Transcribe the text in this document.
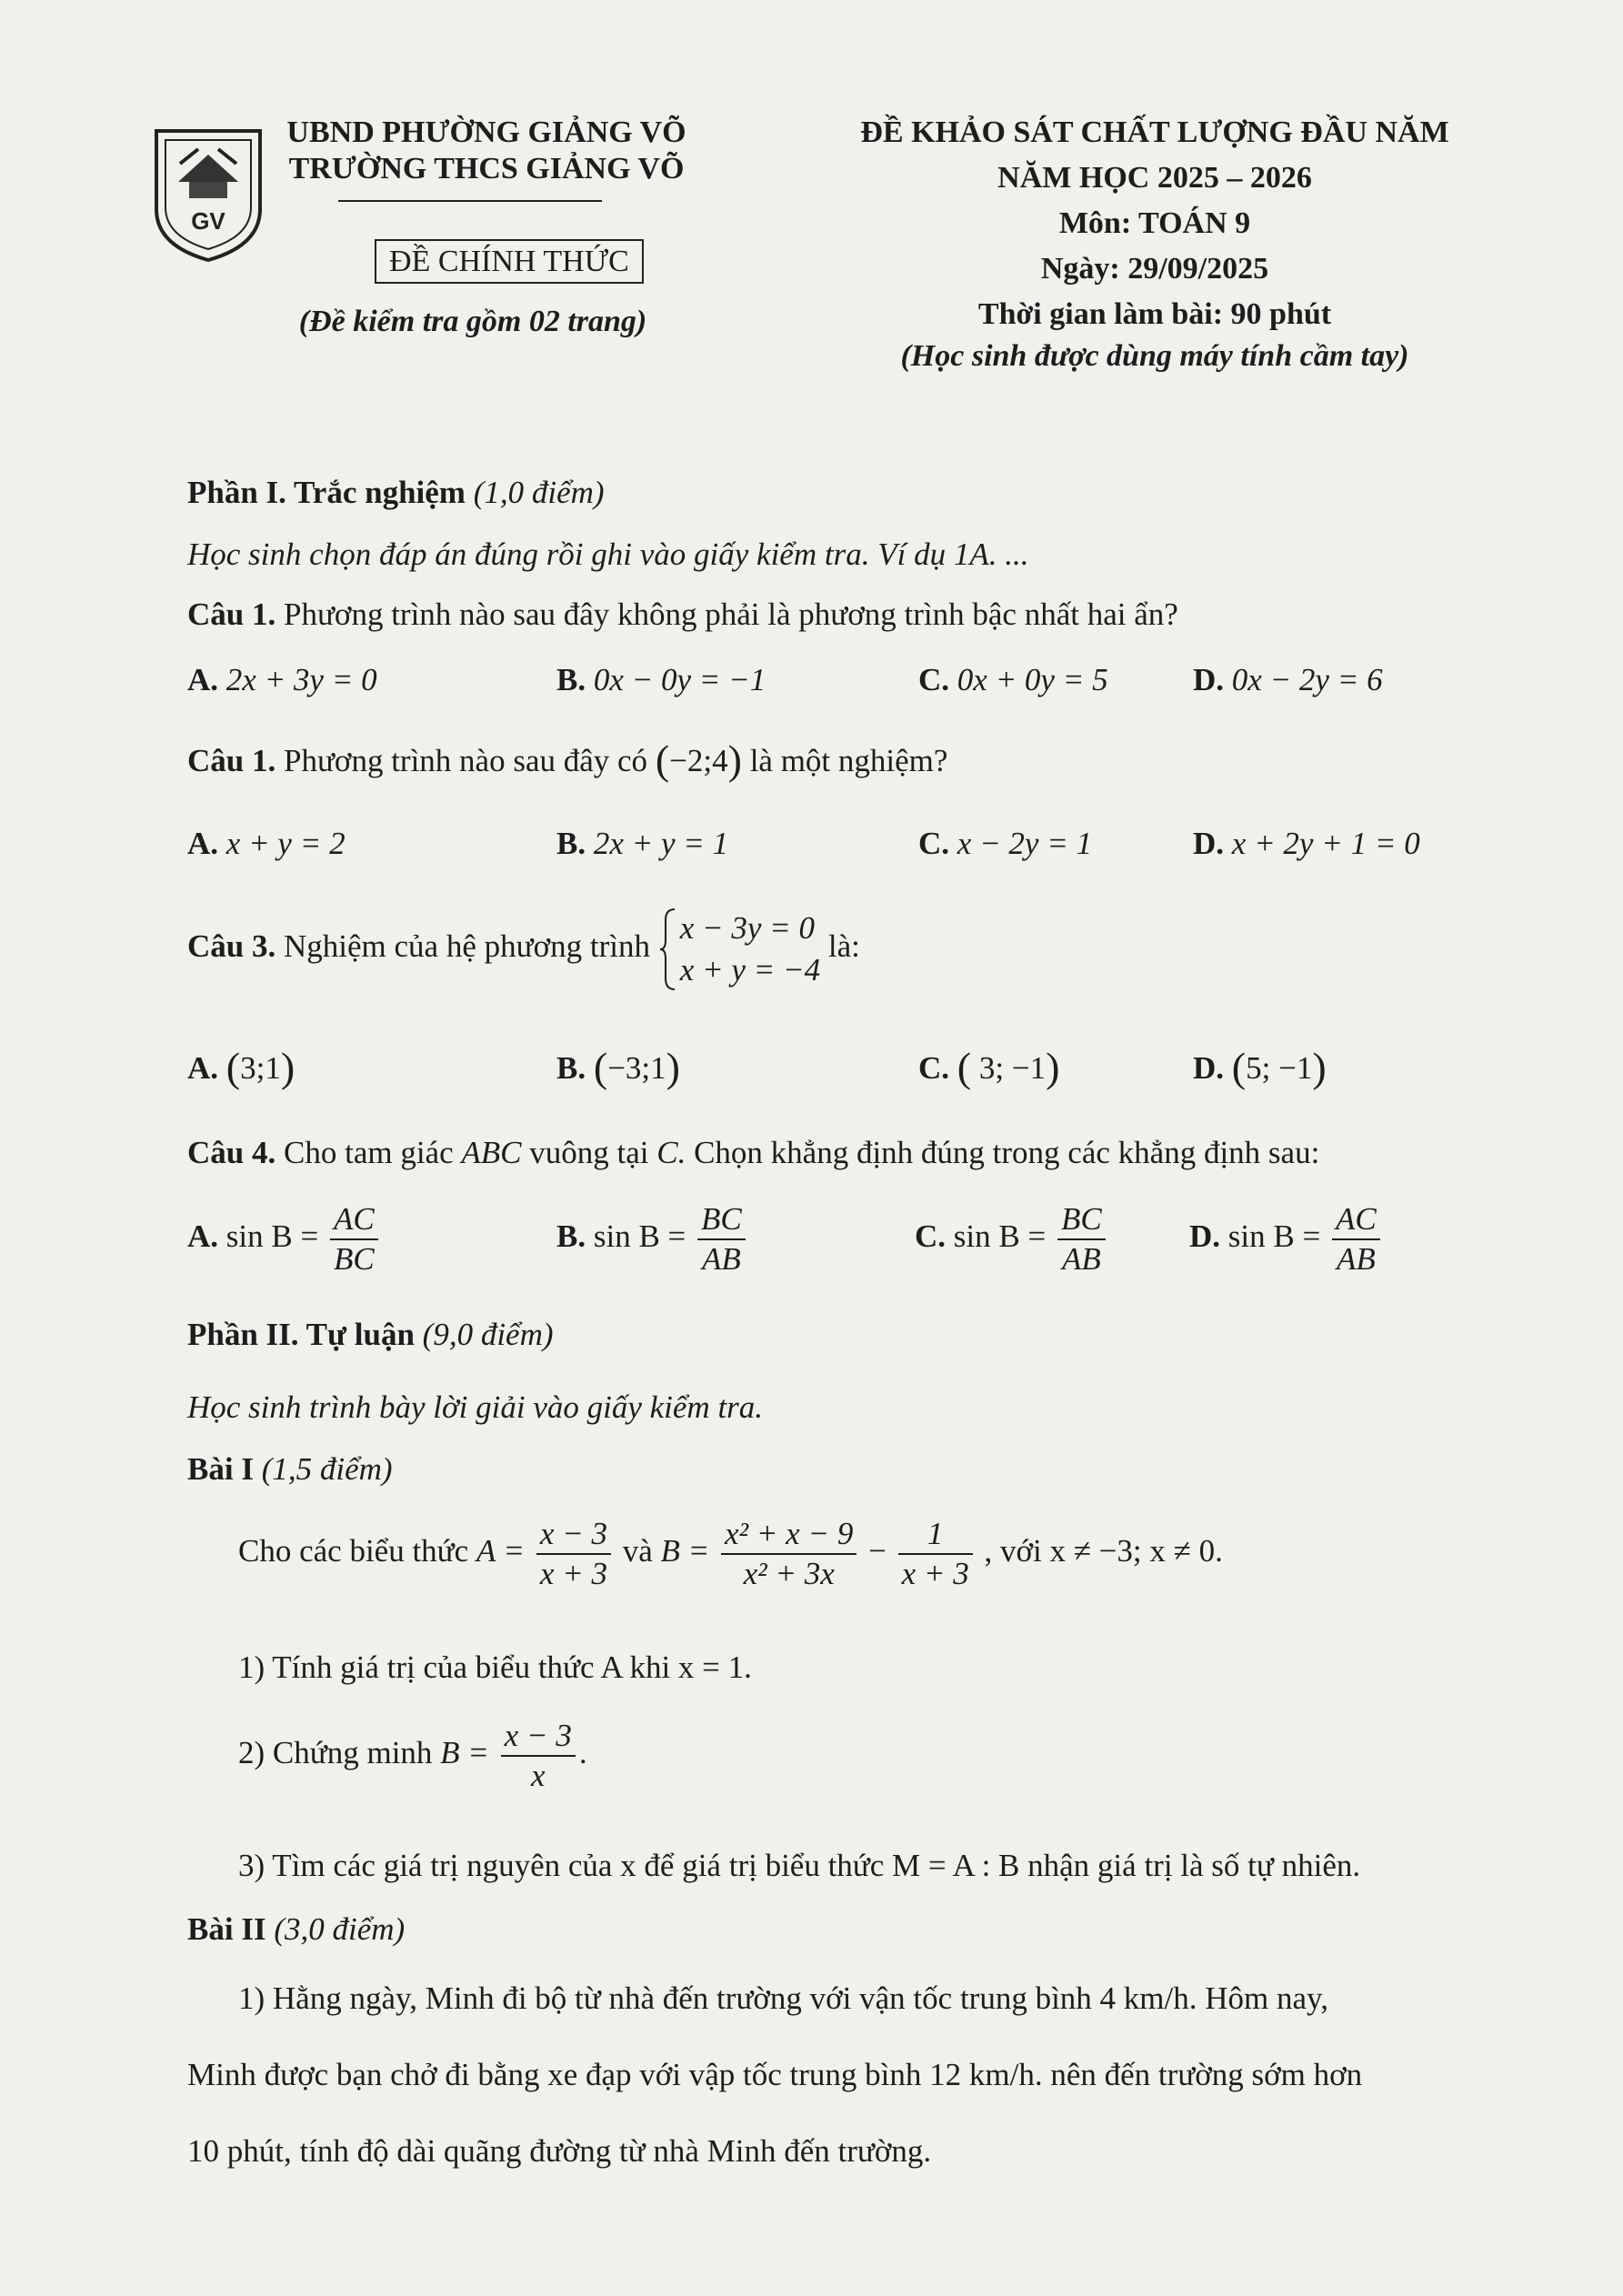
GV
UBND PHƯỜNG GIẢNG VÕ
TRƯỜNG THCS GIẢNG VÕ
ĐỀ CHÍNH THỨC
(Đề kiểm tra gồm 02 trang)
ĐỀ KHẢO SÁT CHẤT LƯỢNG ĐẦU NĂM
NĂM HỌC 2025 – 2026
Môn: TOÁN 9
Ngày: 29/09/2025
Thời gian làm bài: 90 phút
(Học sinh được dùng máy tính cầm tay)
Phần I. Trắc nghiệm (1,0 điểm)
Học sinh chọn đáp án đúng rồi ghi vào giấy kiểm tra. Ví dụ 1A. ...
Câu 1. Phương trình nào sau đây không phải là phương trình bậc nhất hai ẩn?
A. 2x + 3y = 0	B. 0x − 0y = −1	C. 0x + 0y = 5	D. 0x − 2y = 6
Câu 1. Phương trình nào sau đây có (−2;4) là một nghiệm?
A. x + y = 2	B. 2x + y = 1	C. x − 2y = 1	D. x + 2y + 1 = 0
Câu 3. Nghiệm của hệ phương trình
x − 3y = 0
x + y = −4
là:
A. (3;1)	B. (−3;1)	C. ( 3; −1)	D. (5; −1)
Câu 4. Cho tam giác ABC vuông tại C. Chọn khẳng định đúng trong các khẳng định sau:
A. $\sin B = \frac{AC}{BC}$	B. $\sin B = \frac{BC}{AB}$	C. $\sin B = \frac{BC}{AB}$	D. $\sin B = \frac{AC}{AB}$
Phần II. Tự luận (9,0 điểm)
Học sinh trình bày lời giải vào giấy kiểm tra.
Bài I (1,5 điểm)
Cho các biểu thức $A = \frac{x - 3}{x + 3}$ và $B = \frac{\text{x² + x − 9}}{\text{x² + 3x}} - \frac{1}{x + 3}$ , với x ≠ −3; x ≠ 0.
1) Tính giá trị của biểu thức A khi x = 1.
2) Chứng minh $B = \frac{x - 3}{x}$ .
3) Tìm các giá trị nguyên của x để giá trị biểu thức M = A : B nhận giá trị là số tự nhiên.
Bài II (3,0 điểm)
1) Hằng ngày, Minh đi bộ từ nhà đến trường với vận tốc trung bình 4 km/h. Hôm nay,
Minh được bạn chở đi bằng xe đạp với vập tốc trung bình 12 km/h. nên đến trường sớm hơn
10 phút, tính độ dài quãng đường từ nhà Minh đến trường.
